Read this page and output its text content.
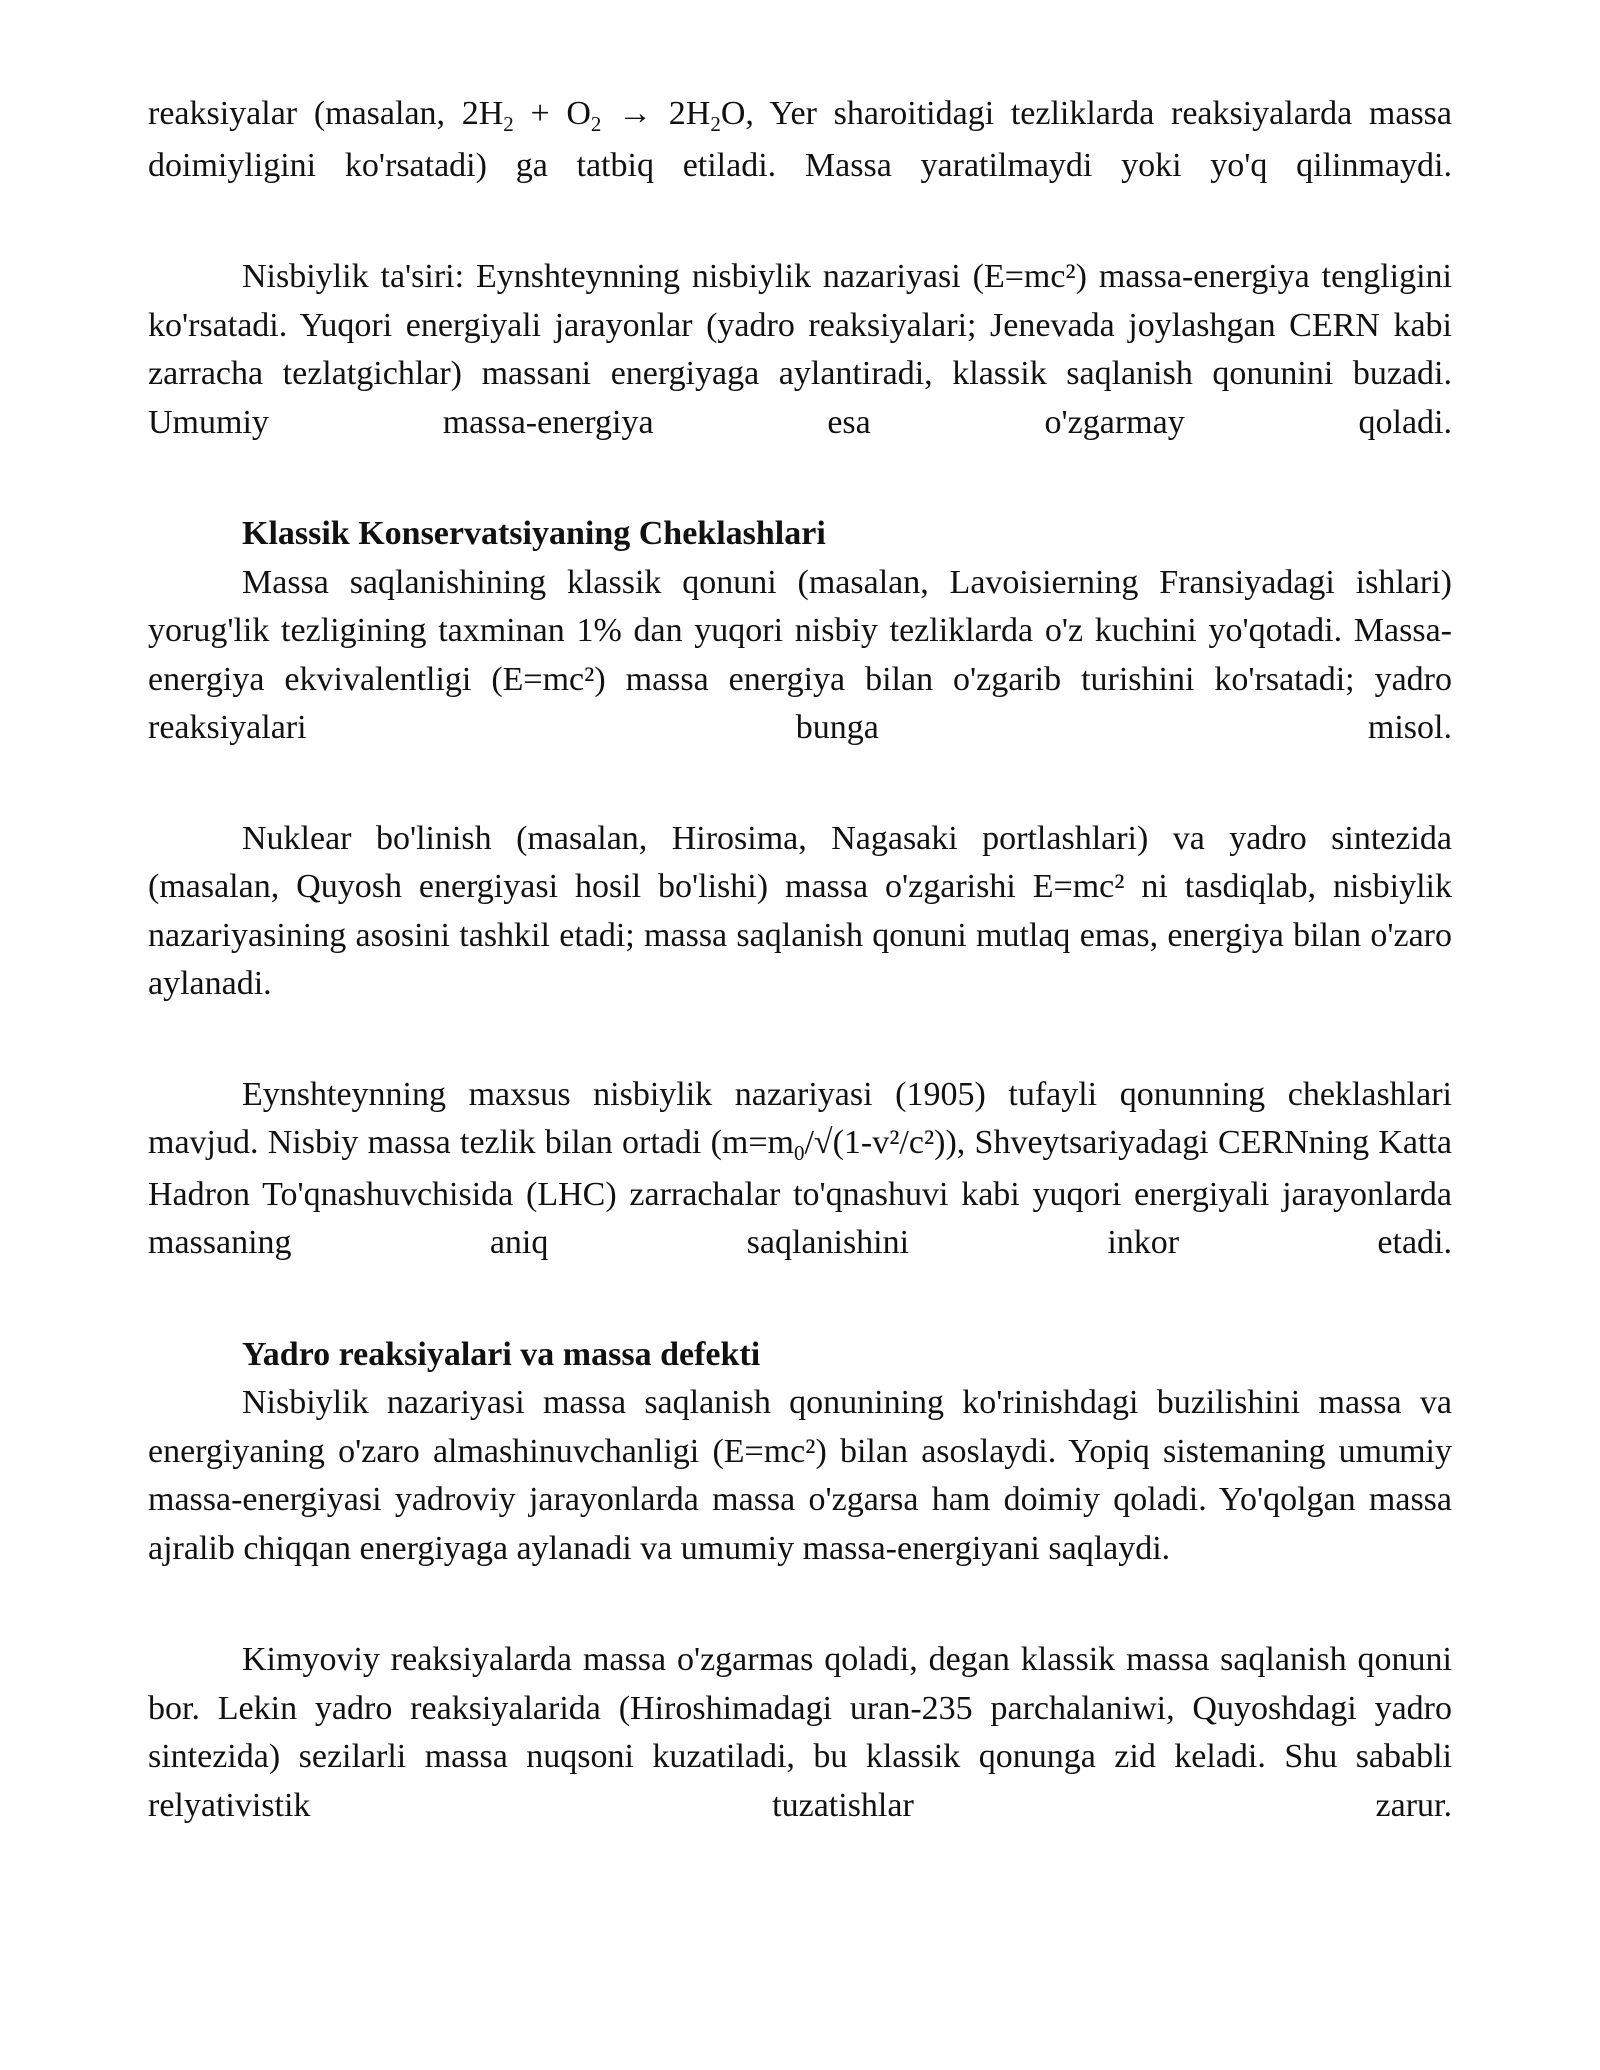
reaksiyalar (masalan, $2H_2 + O_2 \to 2H_2O$, Yer sharoitidagi tezliklarda reaksiyalarda massa doimiyligini ko'rsatadi) ga tatbiq etiladi. Massa yaratilmaydi yoki yo'q qilinmaydi.

Nisbiylik ta'siri: Eynshteynning nisbiylik nazariyasi (E=mc²) massa-energiya tengligini ko'rsatadi. Yuqori energiyali jarayonlar (yadro reaksiyalari; Jenevada joylashgan CERN kabi zarracha tezlatgichlar) massani energiyaga aylantiradi, klassik saqlanish qonunini buzadi. Umumiy massa-energiya esa o'zgarmay qoladi.

Klassik Konservatsiyaning Cheklashlari

Massa saqlanishining klassik qonuni (masalan, Lavoisierning Fransiyadagi ishlari) yorug'lik tezligining taxminan 1% dan yuqori nisbiy tezliklarda o'z kuchini yo'qotadi. Massa-energiya ekvivalentligi (E=mc²) massa energiya bilan o'zgarib turishini ko'rsatadi; yadro reaksiyalari bunga misol.

Nuklear bo'linish (masalan, Hirosima, Nagasaki portlashlari) va yadro sintezida (masalan, Quyosh energiyasi hosil bo'lishi) massa o'zgarishi E=mc² ni tasdiqlab, nisbiylik nazariyasining asosini tashkil etadi; massa saqlanish qonuni mutlaq emas, energiya bilan o'zaro aylanadi.

Eynshteynning maxsus nisbiylik nazariyasi (1905) tufayli qonunning cheklashlari mavjud. Nisbiy massa tezlik bilan ortadi $(m=m_0/√(1-v^2/c^2))$, Shveytsariyadagi CERNning Katta Hadron To'qnashuvchisida (LHC) zarrachalar to'qnashuvi kabi yuqori energiyali jarayonlarda massaning aniq saqlanishini inkor etadi.

Yadro reaksiyalari va massa defekti

Nisbiylik nazariyasi massa saqlanish qonunining ko'rinishdagi buzilishini massa va energiyaning o'zaro almashinuvchanligi (E=mc²) bilan asoslaydi. Yopiq sistemaning umumiy massa-energiyasi yadroviy jarayonlarda massa o'zgarsa ham doimiy qoladi. Yo'qolgan massa ajralib chiqqan energiyaga aylanadi va umumiy massa-energiyani saqlaydi.

Kimyoviy reaksiyalarda massa o'zgarmas qoladi, degan klassik massa saqlanish qonuni bor. Lekin yadro reaksiyalarida (Hiroshimadagi uran-235 parchalaniwi, Quyoshdagi yadro sintezida) sezilarli massa nuqsoni kuzatiladi, bu klassik qonunga zid keladi. Shu sababli relyativistik tuzatishlar zarur.
